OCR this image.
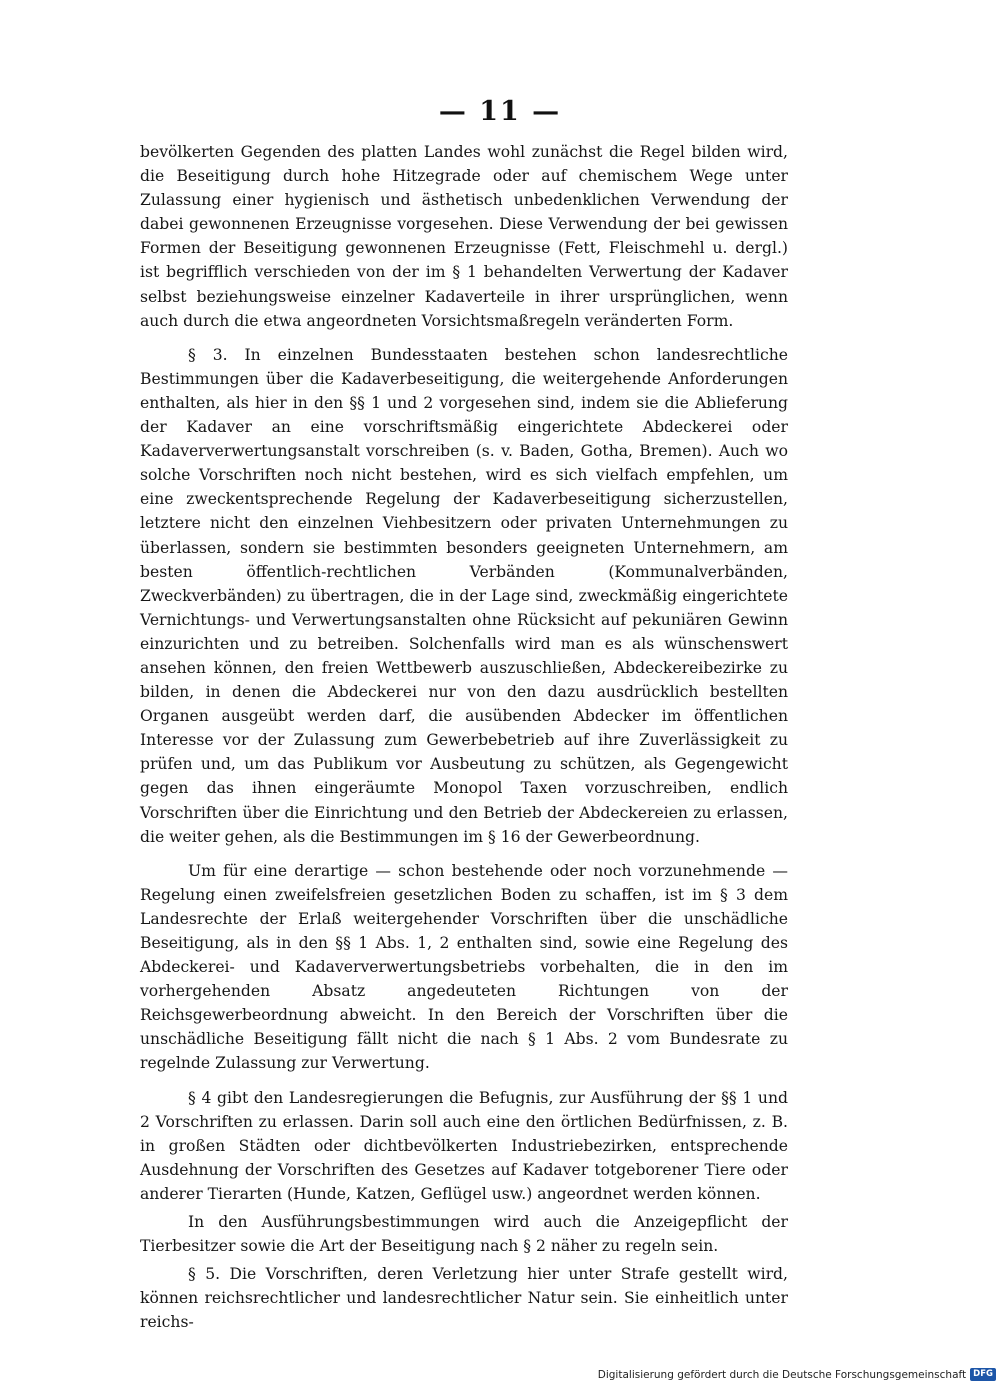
— 11 —

bevölkerten Gegenden des platten Landes wohl zunächst die Regel bilden wird, die Beseitigung durch hohe Hitzegrade oder auf chemischem Wege unter Zulassung einer hygienisch und ästhetisch unbedenklichen Verwendung der dabei gewonnenen Erzeugnisse vorgesehen. Diese Verwendung der bei gewissen Formen der Beseitigung gewonnenen Erzeugnisse (Fett, Fleischmehl u. dergl.) ist begrifflich verschieden von der im § 1 behandelten Verwertung der Kadaver selbst beziehungsweise einzelner Kadaverteile in ihrer ursprünglichen, wenn auch durch die etwa angeordneten Vorsichtsmaßregeln veränderten Form.

§ 3. In einzelnen Bundesstaaten bestehen schon landesrechtliche Bestimmungen über die Kadaverbeseitigung, die weitergehende Anforderungen enthalten, als hier in den §§ 1 und 2 vorgesehen sind, indem sie die Ablieferung der Kadaver an eine vorschriftsmäßig eingerichtete Abdeckerei oder Kadaververwertungsanstalt vorschreiben (s. v. Baden, Gotha, Bremen). Auch wo solche Vorschriften noch nicht bestehen, wird es sich vielfach empfehlen, um eine zweckentsprechende Regelung der Kadaverbeseitigung sicherzustellen, letztere nicht den einzelnen Viehbesitzern oder privaten Unternehmungen zu überlassen, sondern sie bestimmten besonders geeigneten Unternehmern, am besten öffentlich-rechtlichen Verbänden (Kommunalverbänden, Zweckverbänden) zu übertragen, die in der Lage sind, zweckmäßig eingerichtete Vernichtungs- und Verwertungsanstalten ohne Rücksicht auf pekuniären Gewinn einzurichten und zu betreiben. Solchenfalls wird man es als wünschenswert ansehen können, den freien Wettbewerb auszuschließen, Abdeckereibezirke zu bilden, in denen die Abdeckerei nur von den dazu ausdrücklich bestellten Organen ausgeübt werden darf, die ausübenden Abdecker im öffentlichen Interesse vor der Zulassung zum Gewerbebetrieb auf ihre Zuverlässigkeit zu prüfen und, um das Publikum vor Ausbeutung zu schützen, als Gegengewicht gegen das ihnen eingeräumte Monopol Taxen vorzuschreiben, endlich Vorschriften über die Einrichtung und den Betrieb der Abdeckereien zu erlassen, die weiter gehen, als die Bestimmungen im § 16 der Gewerbeordnung.

Um für eine derartige — schon bestehende oder noch vorzunehmende — Regelung einen zweifelsfreien gesetzlichen Boden zu schaffen, ist im § 3 dem Landesrechte der Erlaß weitergehender Vorschriften über die unschädliche Beseitigung, als in den §§ 1 Abs. 1, 2 enthalten sind, sowie eine Regelung des Abdeckerei- und Kadaververwertungsbetriebs vorbehalten, die in den im vorhergehenden Absatz angedeuteten Richtungen von der Reichsgewerbeordnung abweicht. In den Bereich der Vorschriften über die unschädliche Beseitigung fällt nicht die nach § 1 Abs. 2 vom Bundesrate zu regelnde Zulassung zur Verwertung.

§ 4 gibt den Landesregierungen die Befugnis, zur Ausführung der §§ 1 und 2 Vorschriften zu erlassen. Darin soll auch eine den örtlichen Bedürfnissen, z. B. in großen Städten oder dichtbevölkerten Industriebezirken, entsprechende Ausdehnung der Vorschriften des Gesetzes auf Kadaver totgeborener Tiere oder anderer Tierarten (Hunde, Katzen, Geflügel usw.) angeordnet werden können.

In den Ausführungsbestimmungen wird auch die Anzeigepflicht der Tierbesitzer sowie die Art der Beseitigung nach § 2 näher zu regeln sein.

§ 5. Die Vorschriften, deren Verletzung hier unter Strafe gestellt wird, können reichsrechtlicher und landesrechtlicher Natur sein. Sie einheitlich unter reichs-

Digitalisierung gefördert durch die Deutsche Forschungsgemeinschaft DFG
